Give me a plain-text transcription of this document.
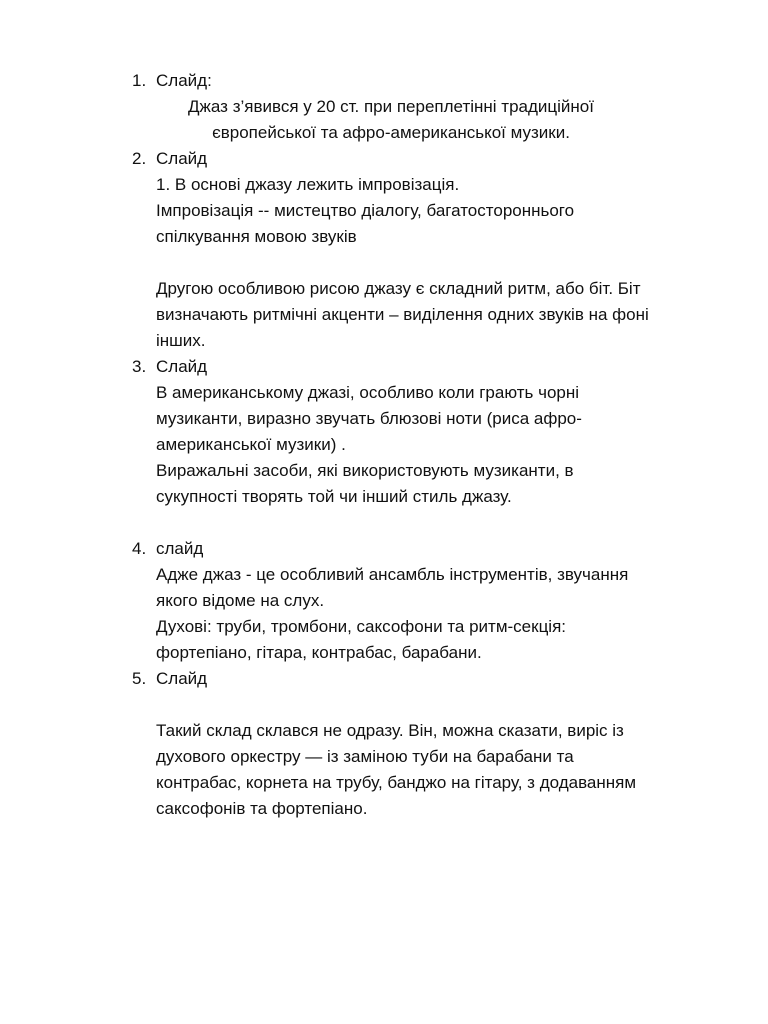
1. Слайд:
Джаз з’явився у 20 ст. при переплетінні традиційної
європейської та афро-американської музики.
2. Слайд
1. В основі джазу лежить імпровізація.
Імпровізація -- мистецтво діалогу, багатостороннього
спілкування мовою звуків
Другою особливою рисою джазу є складний ритм, або біт. Біт
визначають ритмічні акценти – виділення одних звуків на фоні
інших.
3. Слайд
В американському джазі, особливо коли грають чорні
музиканти, виразно звучать блюзові ноти (риса афро-
американської музики) .
Виражальні засоби, які використовують музиканти, в
сукупності творять той чи інший стиль джазу.
4. слайд
Адже джаз - це особливий ансамбль інструментів, звучання
якого відоме на слух.
Духові: труби, тромбони, саксофони та ритм-секція:
фортепіано, гітара, контрабас, барабани.
5. Слайд
Такий склад склався не одразу. Він, можна сказати, виріс із
духового оркестру — із заміною туби на барабани та
контрабас, корнета на трубу, банджо на гітару, з додаванням
саксофонів та фортепіано.
